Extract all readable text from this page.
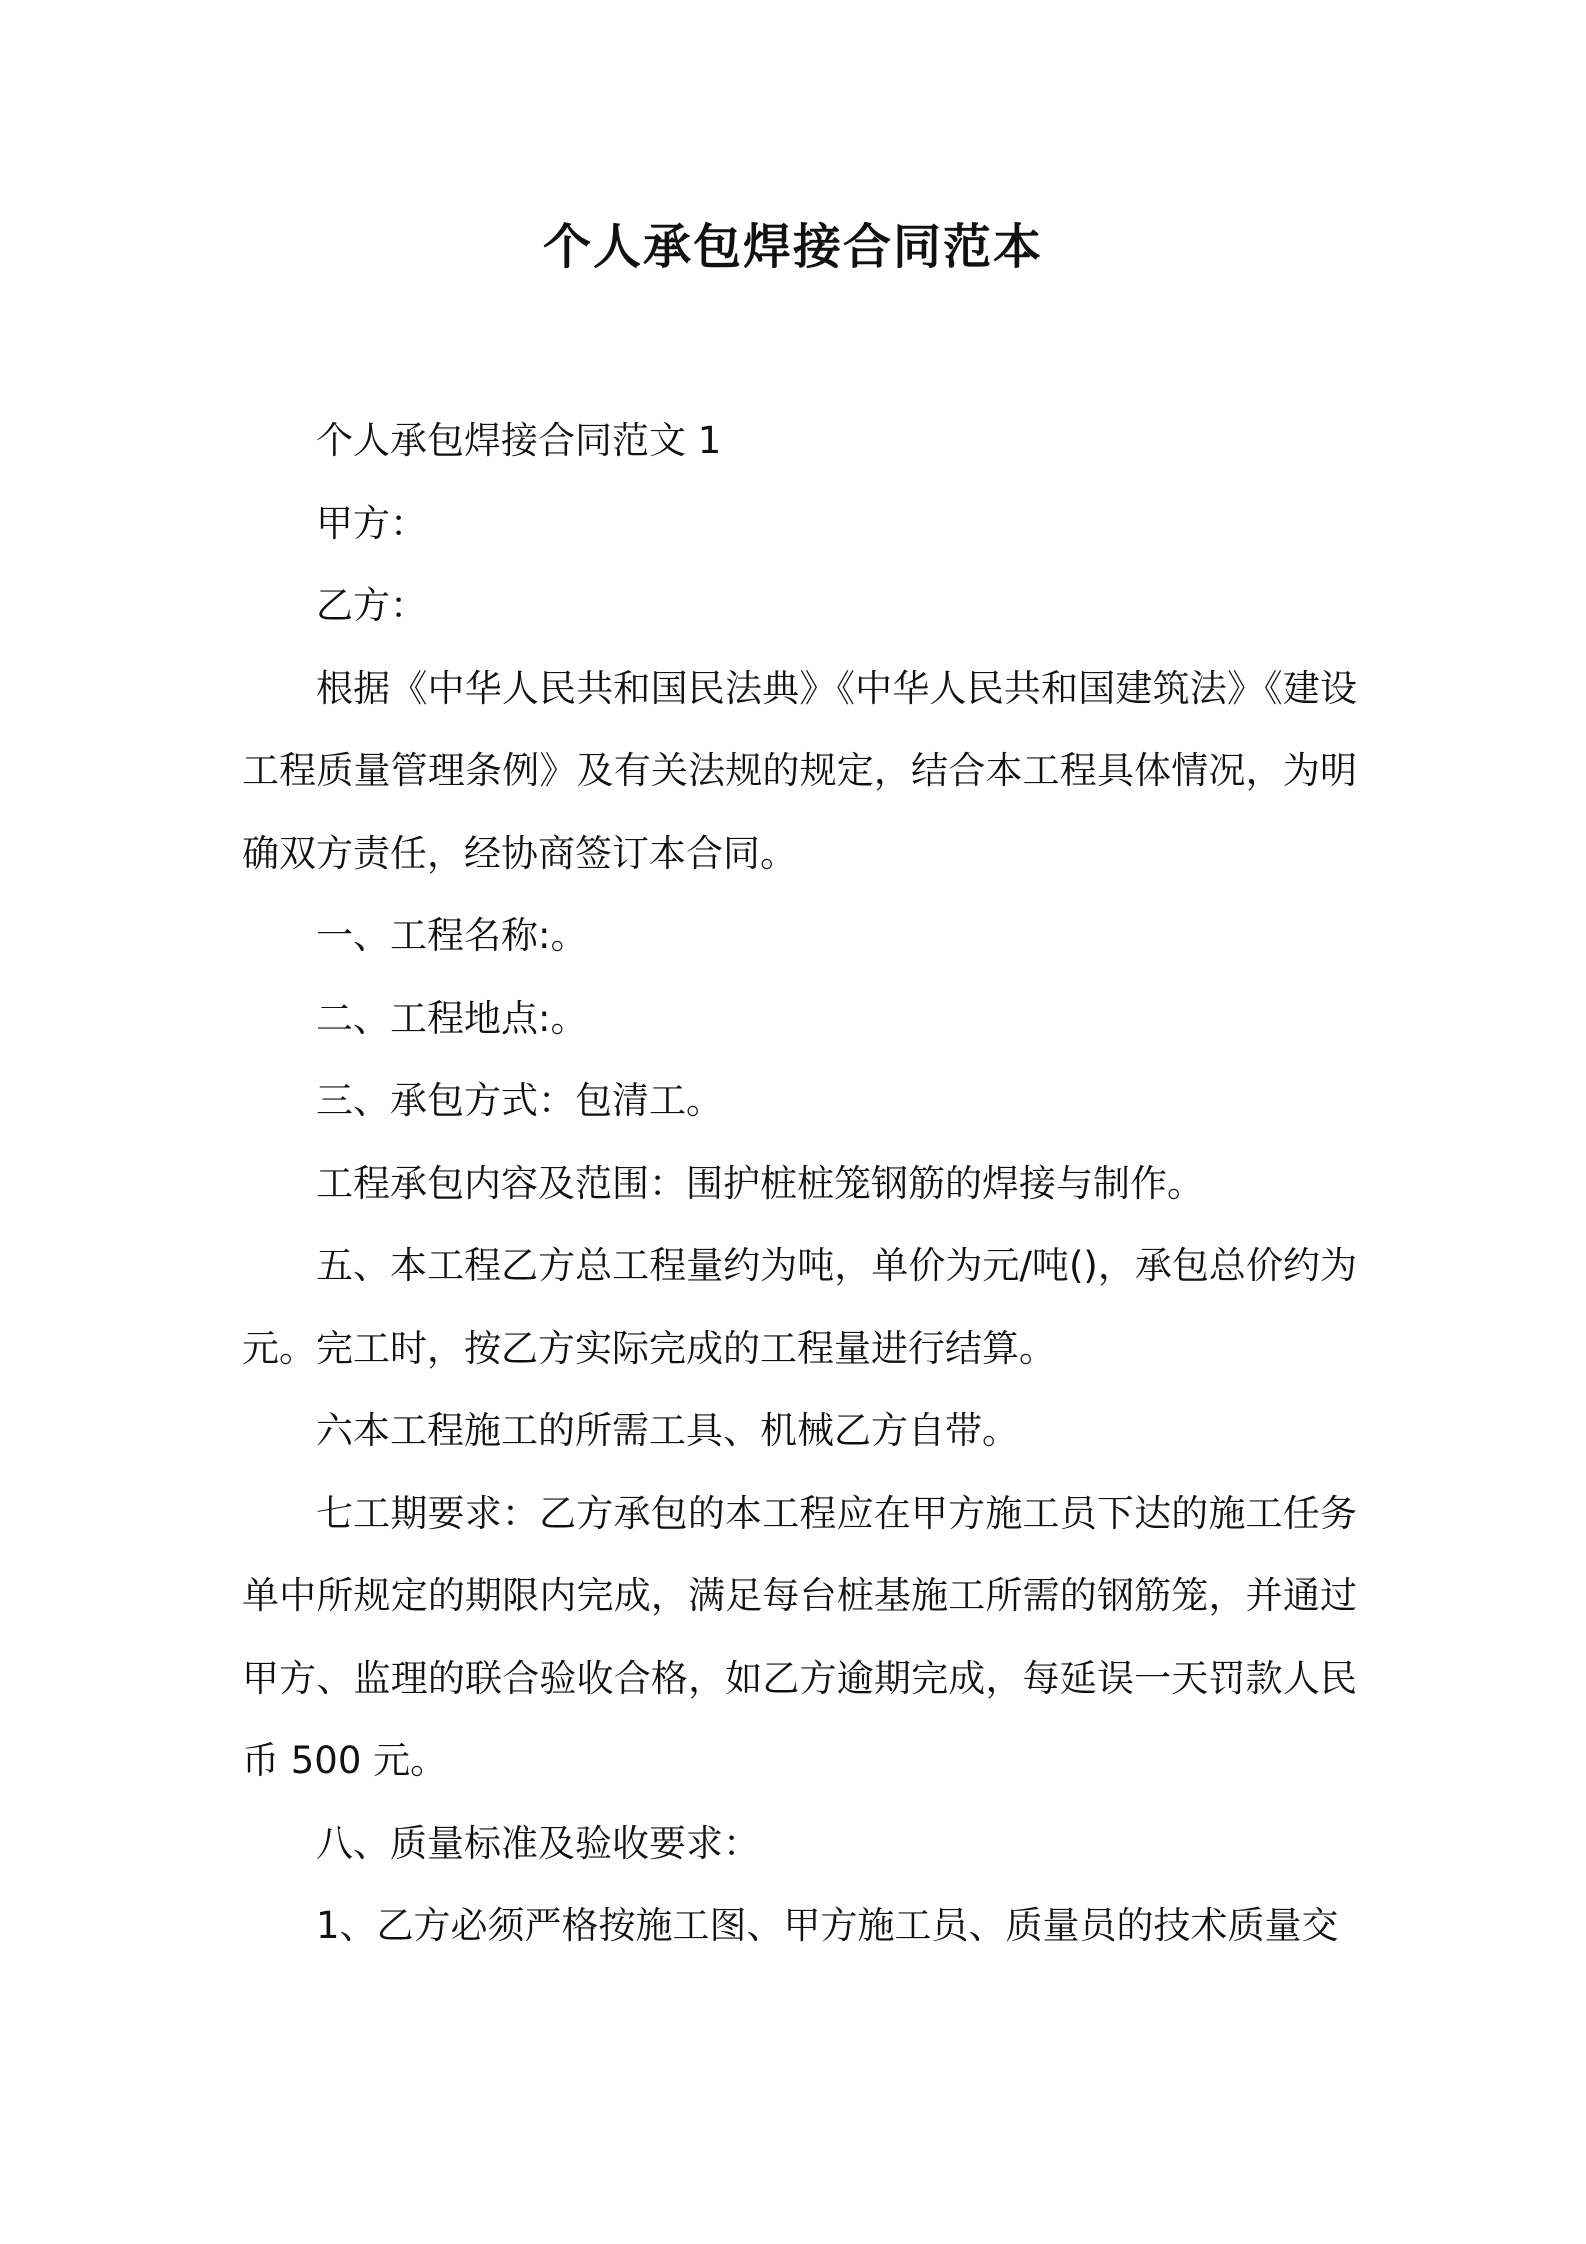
个人承包焊接合同范本

个人承包焊接合同范文 1

甲方：

乙方：

根据《中华人民共和国民法典》《中华人民共和国建筑法》《建设工程质量管理条例》及有关法规的规定，结合本工程具体情况，为明确双方责任，经协商签订本合同。

一、工程名称:。

二、工程地点:。

三、承包方式：包清工。

工程承包内容及范围：围护桩桩笼钢筋的焊接与制作。

五、本工程乙方总工程量约为吨，单价为元/吨()，承包总价约为元。完工时，按乙方实际完成的工程量进行结算。

六本工程施工的所需工具、机械乙方自带。

七工期要求：乙方承包的本工程应在甲方施工员下达的施工任务单中所规定的期限内完成，满足每台桩基施工所需的钢筋笼，并通过甲方、监理的联合验收合格，如乙方逾期完成，每延误一天罚款人民币 500 元。

八、质量标准及验收要求：

1、乙方必须严格按施工图、甲方施工员、质量员的技术质量交
